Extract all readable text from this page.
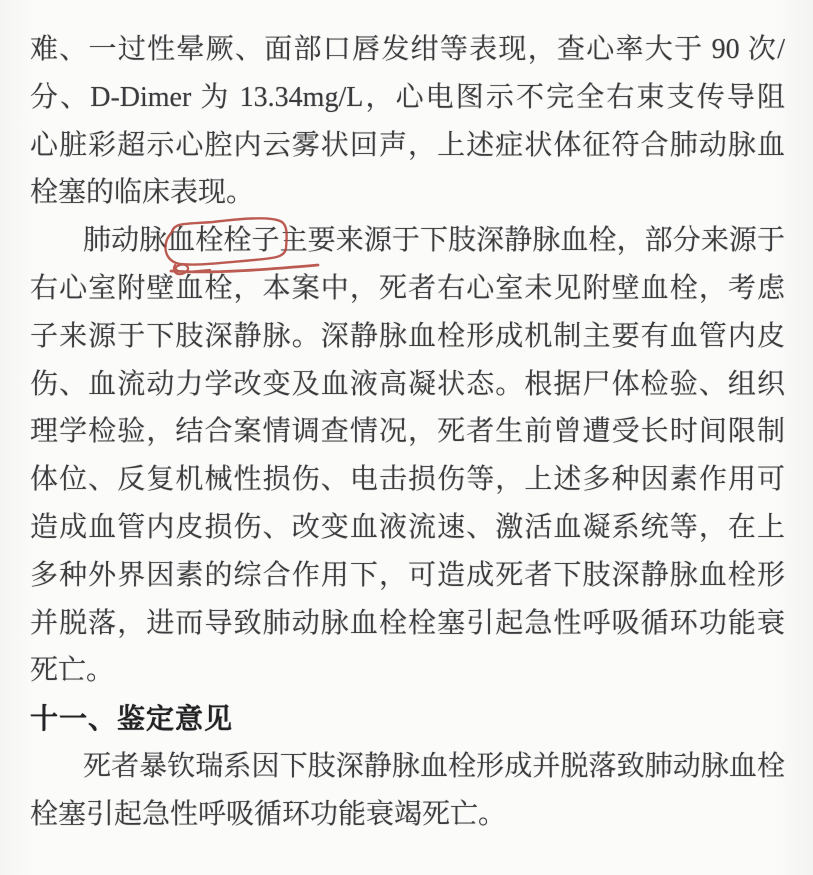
难、一过性晕厥、面部口唇发绀等表现，查心率大于 90 次/
分、D-Dimer 为 13.34mg/L，心电图示不完全右束支传导阻
心脏彩超示心腔内云雾状回声，上述症状体征符合肺动脉血
栓塞的临床表现。
肺动脉血栓栓子主要来源于下肢深静脉血栓，部分来源于
右心室附壁血栓，本案中，死者右心室未见附壁血栓，考虑
子来源于下肢深静脉。深静脉血栓形成机制主要有血管内皮
伤、血流动力学改变及血液高凝状态。根据尸体检验、组织
理学检验，结合案情调查情况，死者生前曾遭受长时间限制
体位、反复机械性损伤、电击损伤等，上述多种因素作用可
造成血管内皮损伤、改变血液流速、激活血凝系统等，在上
多种外界因素的综合作用下，可造成死者下肢深静脉血栓形
并脱落，进而导致肺动脉血栓栓塞引起急性呼吸循环功能衰
死亡。
十一、鉴定意见
死者暴钦瑞系因下肢深静脉血栓形成并脱落致肺动脉血栓
栓塞引起急性呼吸循环功能衰竭死亡。
